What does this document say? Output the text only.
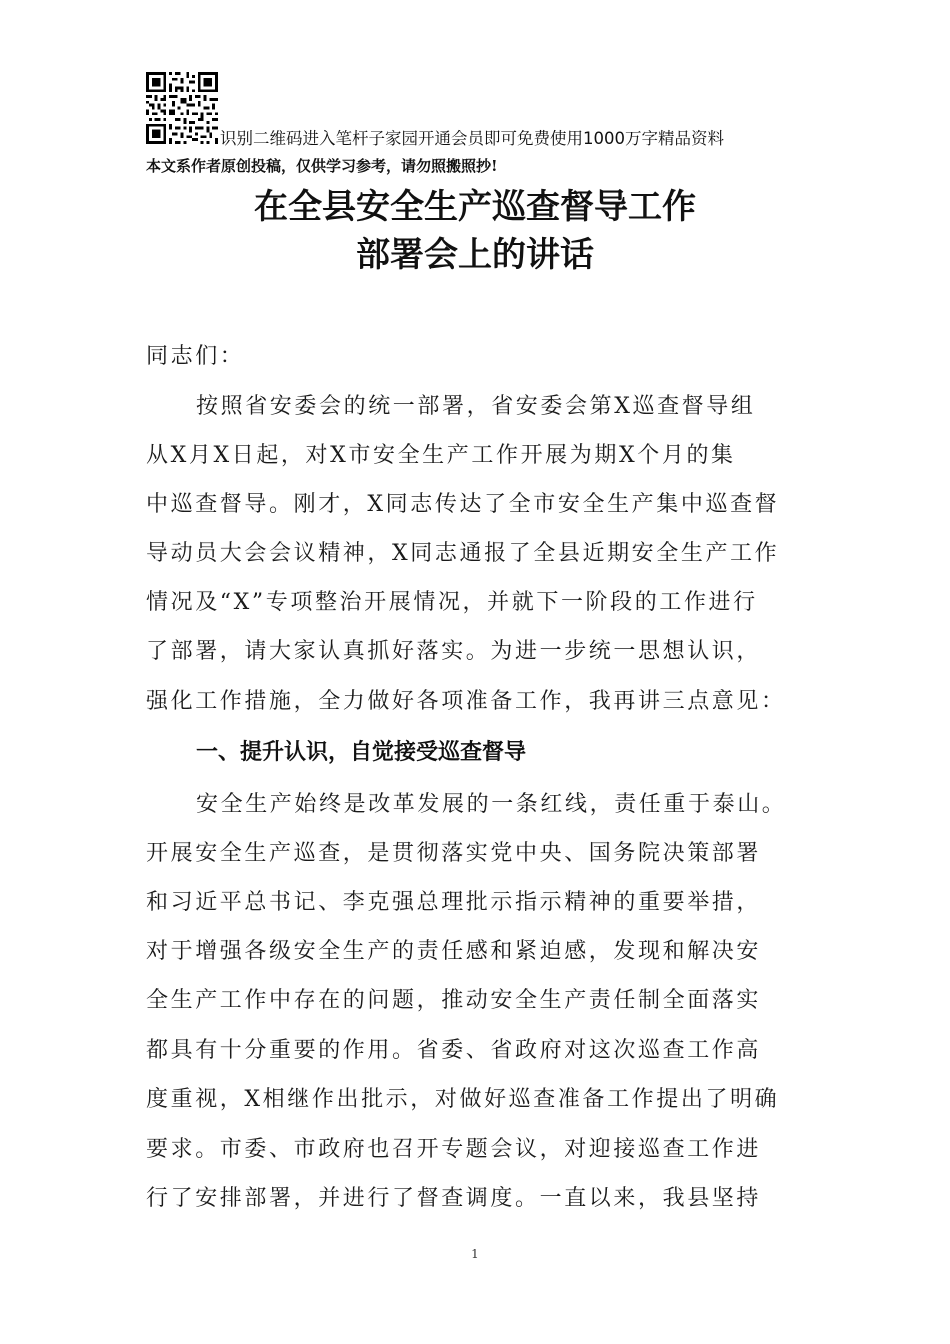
识别二维码进入笔杆子家园开通会员即可免费使用1000万字精品资料
本文系作者原创投稿，仅供学习参考，请勿照搬照抄!
在全县安全生产巡查督导工作
部署会上的讲话
同志们：
按照省安委会的统一部署，省安委会第X巡查督导组
从X月X日起，对X市安全生产工作开展为期X个月的集
中巡查督导。刚才，X同志传达了全市安全生产集中巡查督
导动员大会会议精神，X同志通报了全县近期安全生产工作
情况及“X”专项整治开展情况，并就下一阶段的工作进行
了部署，请大家认真抓好落实。为进一步统一思想认识，
强化工作措施，全力做好各项准备工作，我再讲三点意见：
一、提升认识，自觉接受巡查督导
安全生产始终是改革发展的一条红线，责任重于泰山。
开展安全生产巡查，是贯彻落实党中央、国务院决策部署
和习近平总书记、李克强总理批示指示精神的重要举措，
对于增强各级安全生产的责任感和紧迫感，发现和解决安
全生产工作中存在的问题，推动安全生产责任制全面落实
都具有十分重要的作用。省委、省政府对这次巡查工作高
度重视，X相继作出批示，对做好巡查准备工作提出了明确
要求。市委、市政府也召开专题会议，对迎接巡查工作进
行了安排部署，并进行了督查调度。一直以来，我县坚持
1
